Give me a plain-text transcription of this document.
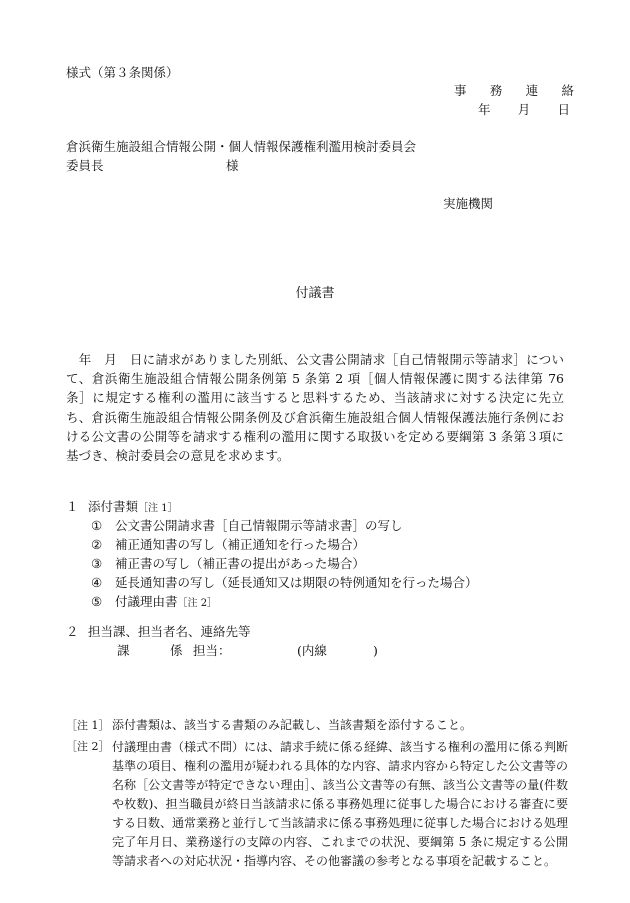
様式（第３条関係）
事 務 連 絡
年 月 日
倉浜衛生施設組合情報公開・個人情報保護権利濫用検討委員会
委員長	様
実施機関
付議書
　年　月　日に請求がありました別紙、公文書公開請求［自己情報開示等請求］について、倉浜衛生施設組合情報公開条例第 5 条第 2 項［個人情報保護に関する法律第 76 条］に規定する権利の濫用に該当すると思料するため、当該請求に対する決定に先立ち、倉浜衛生施設組合情報公開条例及び倉浜衛生施設組合個人情報保護法施行条例における公文書の公開等を請求する権利の濫用に関する取扱いを定める要綱第 3 条第３項に基づき、検討委員会の意見を求めます。
１ 添付書類［注 1］
① 公文書公開請求書［自己情報開示等請求書］の写し
② 補正通知書の写し（補正通知を行った場合）
③ 補正書の写し（補正書の提出があった場合）
④ 延長通知書の写し（延長通知又は期限の特例通知を行った場合）
⑤ 付議理由書［注 2］
２ 担当課、担当者名、連絡先等
課	係 担当：	(内線	)
［注 1］ 添付書類は、該当する書類のみ記載し、当該書類を添付すること。
［注 2］ 付議理由書（様式不問）には、請求手続に係る経緯、該当する権利の濫用に係る判断基準の項目、権利の濫用が疑われる具体的な内容、請求内容から特定した公文書等の名称［公文書等が特定できない理由］、該当公文書等の有無、該当公文書等の量(件数や枚数)、担当職員が終日当該請求に係る事務処理に従事した場合における審査に要する日数、通常業務と並行して当該請求に係る事務処理に従事した場合における処理完了年月日、業務遂行の支障の内容、これまでの状況、要綱第 5 条に規定する公開等請求者への対応状況・指導内容、その他審議の参考となる事項を記載すること。
